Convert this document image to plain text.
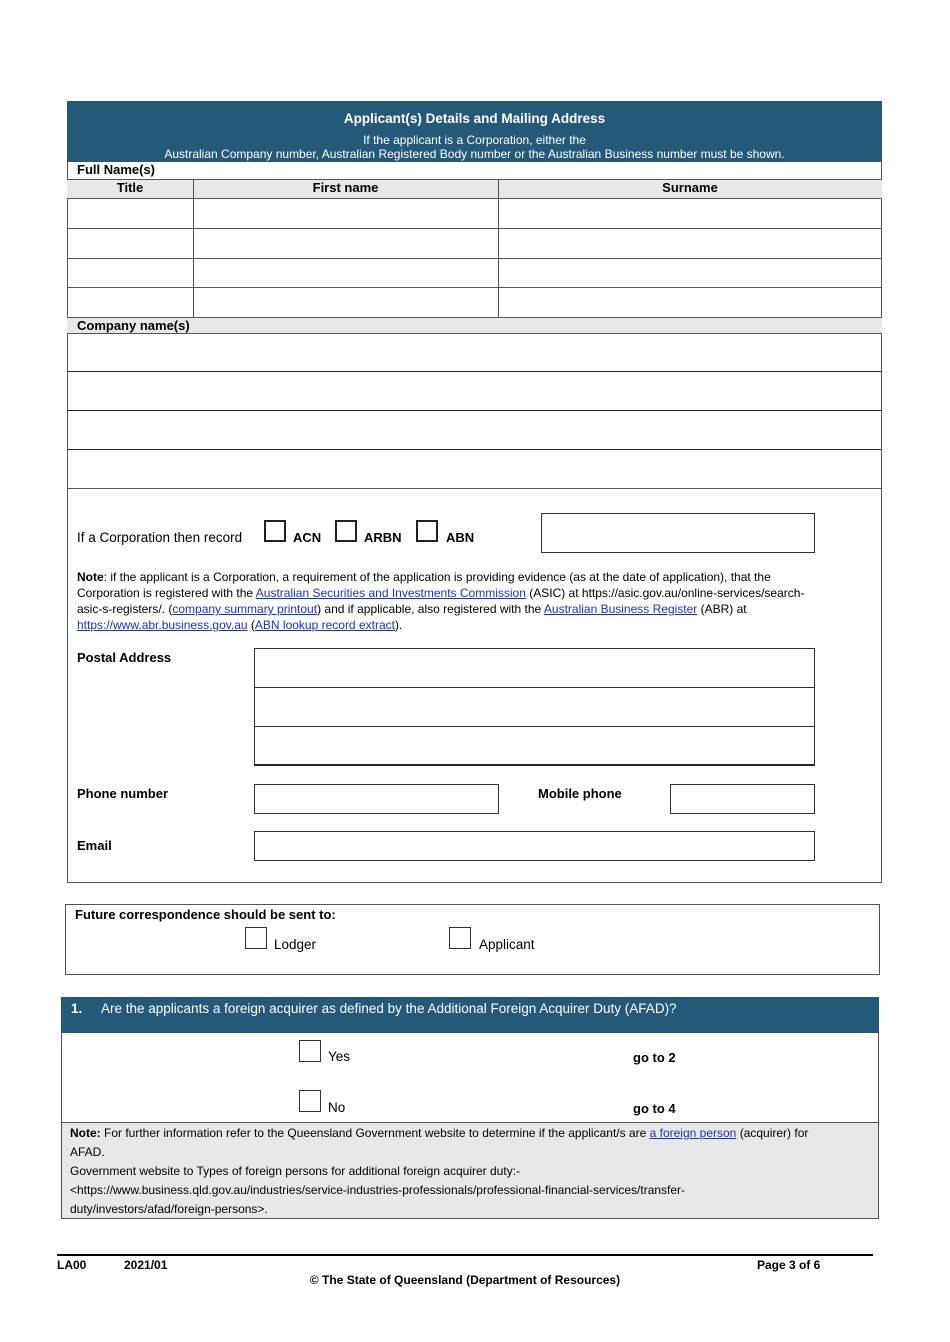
Applicant(s) Details and Mailing Address
If the applicant is a Corporation, either the
Australian Company number, Australian Registered Body number or the Australian Business number must be shown.
Full Name(s)
Title	First name	Surname
Company name(s)
If a Corporation then record	ACN	ARBN	ABN
Note: if the applicant is a Corporation, a requirement of the application is providing evidence (as at the date of application), that the
Corporation is registered with the Australian Securities and Investments Commission (ASIC) at https://asic.gov.au/online-services/search-
asic-s-registers/. (company summary printout) and if applicable, also registered with the Australian Business Register (ABR) at
https://www.abr.business.gov.au (ABN lookup record extract).
Postal Address
Phone number	Mobile phone
Email
Future correspondence should be sent to:
Lodger	Applicant
1. Are the applicants a foreign acquirer as defined by the Additional Foreign Acquirer Duty (AFAD)?
Yes	go to 2
No	go to 4
Note: For further information refer to the Queensland Government website to determine if the applicant/s are a foreign person (acquirer) for
AFAD.
Government website to Types of foreign persons for additional foreign acquirer duty:-
<https://www.business.qld.gov.au/industries/service-industries-professionals/professional-financial-services/transfer-
duty/investors/afad/foreign-persons>.
LA00	2021/01	Page 3 of 6
© The State of Queensland (Department of Resources)
